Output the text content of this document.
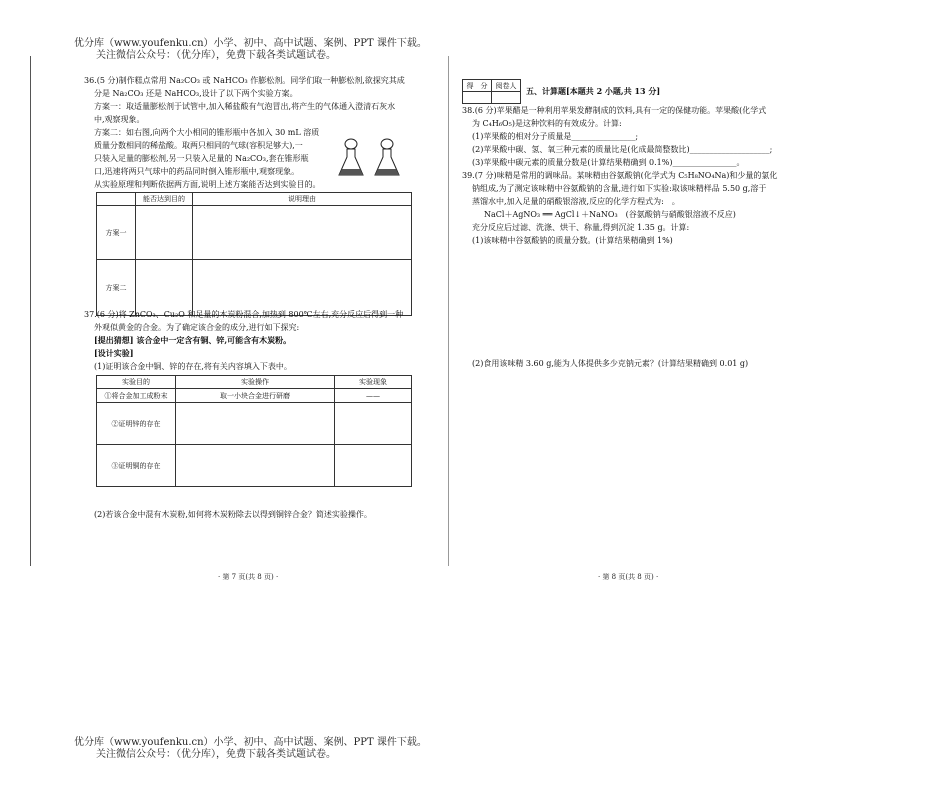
优分库（www.youfenku.cn）小学、初中、高中试题、案例、PPT 课件下载。
关注微信公众号：（优分库），免费下载各类试题试卷。

36.(5 分)制作糕点常用 Na₂CO₃ 或 NaHCO₃ 作膨松剂。同学们取一种膨松剂,欲探究其成

分是 Na₂CO₃ 还是 NaHCO₃,设计了以下两个实验方案。

方案一：取适量膨松剂于试管中,加入稀盐酸有气泡冒出,将产生的气体通入澄清石灰水

中,观察现象。

方案二：如右图,向两个大小相同的锥形瓶中各加入 30 mL 溶质

质量分数相同的稀盐酸。取两只相同的气球(容积足够大),一

只装入足量的膨松剂,另一只装入足量的 Na₂CO₃,套在锥形瓶

口,迅速将两只气球中的药品同时倒入锥形瓶中,观察现象。

从实验原理和判断依据两方面,说明上述方案能否达到实验目的。

	能否达到目的	说明理由
方案一		
方案二		

37.(6 分)将 ZnCO₃、Cu₂O 和足量的木炭粉混合,加热到 800℃左右,充分反应后得到一种

外观似黄金的合金。为了确定该合金的成分,进行如下探究:

[提出猜想] 该合金中一定含有铜、锌,可能含有木炭粉。

[设计实验]

(1)证明该合金中铜、锌的存在,将有关内容填入下表中。

实验目的	实验操作	实验现象
①将合金加工成粉末	取一小块合金进行研磨	——
②证明锌的存在		
③证明铜的存在		

(2)若该合金中混有木炭粉,如何将木炭粉除去以得到铜锌合金？简述实验操作。

· 第 7 页(共 8 页) ·
得　分	阅卷人

五、计算题[本题共 2 小题,共 13 分]

38.(6 分)苹果醋是一种利用苹果发酵制成的饮料,具有一定的保健功能。苹果酸(化学式

为 C₄H₆O₅)是这种饮料的有效成分。计算:

(1)苹果酸的相对分子质量是________________;

(2)苹果酸中碳、氢、氧三种元素的质量比是(化成最简整数比)____________________;

(3)苹果酸中碳元素的质量分数是(计算结果精确到 0.1%)________________。

39.(7 分)味精是常用的调味品。某味精由谷氨酸钠(化学式为 C₅H₈NO₄Na)和少量的氯化

钠组成,为了测定该味精中谷氨酸钠的含量,进行如下实验:取该味精样品 5.50 g,溶于

蒸馏水中,加入足量的硝酸银溶液,反应的化学方程式为:　。

NaCl＋AgNO₃ ══ AgCl↓＋NaNO₃　(谷氨酸钠与硝酸银溶液不反应)

充分反应后过滤、洗涤、烘干、称量,得到沉淀 1.35 g。计算:

(1)该味精中谷氨酸钠的质量分数。(计算结果精确到 1%)

(2)食用该味精 3.60 g,能为人体提供多少克钠元素？(计算结果精确到 0.01 g)

· 第 8 页(共 8 页) ·
优分库（www.youfenku.cn）小学、初中、高中试题、案例、PPT 课件下载。
关注微信公众号：（优分库），免费下载各类试题试卷。
